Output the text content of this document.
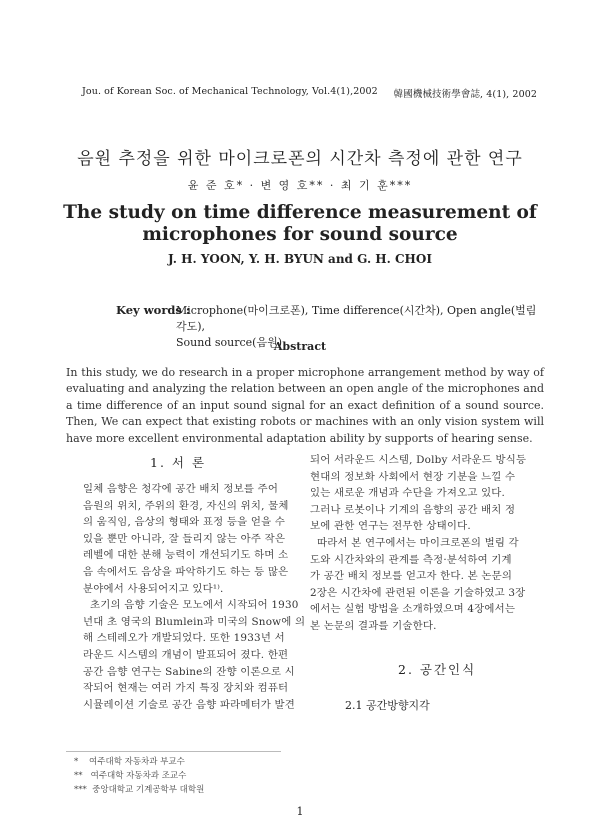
Jou. of Korean Soc. of Mechanical Technology, Vol.4(1),2002 韓國機械技術學會誌, 4(1), 2002
음원 추정을 위한 마이크로폰의 시간차 측정에 관한 연구
윤 준 호* · 변 영 호** · 최 기 훈***
The study on time difference measurement of
microphones for sound source
J. H. YOON, Y. H. BYUN and G. H. CHOI
Key words :
Microphone(마이크로폰), Time difference(시간차), Open angle(벌림각도),
Sound source(음원)
Abstract
In this study, we do research in a proper microphone arrangement method by way of evaluating and analyzing the relation between an open angle of the microphones and a time difference of an input sound signal for an exact definition of a sound source. Then, We can expect that existing robots or machines with an only vision system will have more excellent environmental adaptation ability by supports of hearing sense.
1. 서 론

일체 음향은 청각에 공간 배치 정보를 주어

음원의 위치, 주위의 환경, 자신의 위치, 물체

의 움직임, 음상의 형태와 표정 등을 얻을 수

있을 뿐만 아니라, 잘 들리지 않는 아주 작은

레벨에 대한 분해 능력이 개선되기도 하며 소

음 속에서도 음상을 파악하기도 하는 등 많은

분야에서 사용되어지고 있다¹⁾.

초기의 음향 기술은 모노에서 시작되어 1930

년대 초 영국의 Blumlein과 미국의 Snow에 의

해 스테레오가 개발되었다. 또한 1933년 서

라운드 시스템의 개념이 발표되어 졌다. 한편

공간 음향 연구는 Sabine의 잔향 이론으로 시

작되어 현재는 여러 가지 특징 장치와 컴퓨터

시뮬레이션 기술로 공간 음향 파라메터가 발견

되어 서라운드 시스템, Dolby 서라운드 방식등

현대의 정보화 사회에서 현장 기분을 느낄 수

있는 새로운 개념과 수단을 가져오고 있다.

그러나 로봇이나 기계의 음향의 공간 배치 정

보에 관한 연구는 전무한 상태이다.

따라서 본 연구에서는 마이크로폰의 벌림 각

도와 시간차와의 관계를 측정·분석하여 기계

가 공간 배치 정보를 얻고자 한다. 본 논문의

2장은 시간차에 관련된 이론을 기술하였고 3장

에서는 실험 방법을 소개하였으며 4장에서는

본 논문의 결과를 기술한다.

2. 공간인식
2.1 공간방향지각
*    여주대학 자동차과 부교수
**   여주대학 자동차과 조교수
***  중앙대학교 기계공학부 대학원
1
